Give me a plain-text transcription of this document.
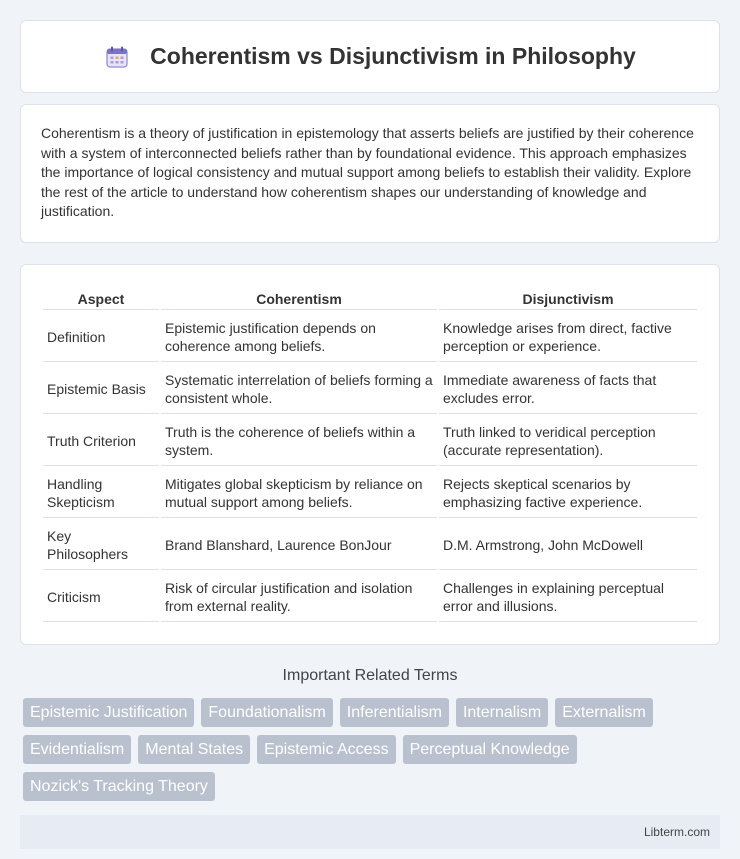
Coherentism vs Disjunctivism in Philosophy

Coherentism is a theory of justification in epistemology that asserts beliefs are justified by their coherence with a system of interconnected beliefs rather than by foundational evidence. This approach emphasizes the importance of logical consistency and mutual support among beliefs to establish their validity. Explore the rest of the article to understand how coherentism shapes our understanding of knowledge and justification.

Aspect	Coherentism	Disjunctivism
Definition	Epistemic justification depends on coherence among beliefs.	Knowledge arises from direct, factive perception or experience.
Epistemic Basis	Systematic interrelation of beliefs forming a consistent whole.	Immediate awareness of facts that excludes error.
Truth Criterion	Truth is the coherence of beliefs within a system.	Truth linked to veridical perception (accurate representation).
Handling Skepticism	Mitigates global skepticism by reliance on mutual support among beliefs.	Rejects skeptical scenarios by emphasizing factive experience.
Key Philosophers	Brand Blanshard, Laurence BonJour	D.M. Armstrong, John McDowell
Criticism	Risk of circular justification and isolation from external reality.	Challenges in explaining perceptual error and illusions.
Important Related Terms
Epistemic Justification	Foundationalism	Inferentialism	Internalism	Externalism
Evidentialism	Mental States	Epistemic Access	Perceptual Knowledge
Nozick's Tracking Theory
Libterm.com
